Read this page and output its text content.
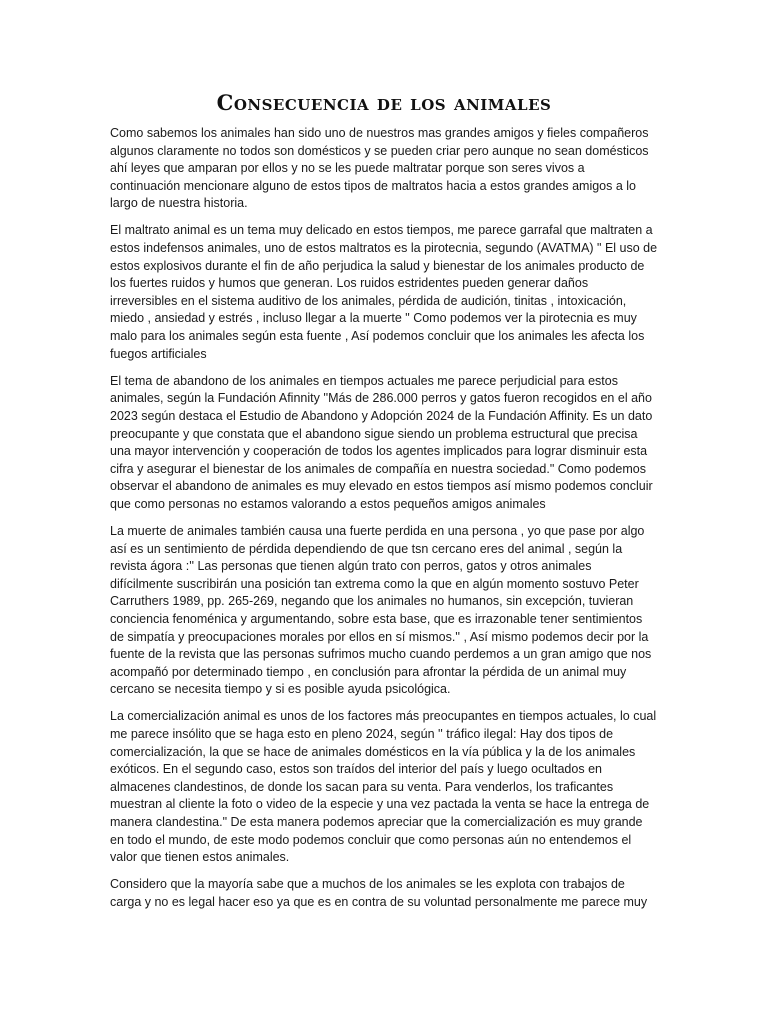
Consecuencia de los animales

Como sabemos los animales han sido uno de nuestros mas grandes amigos y fieles compañeros algunos claramente no todos son domésticos y se pueden criar pero aunque no sean domésticos ahí leyes que amparan por ellos y no se les puede maltratar porque son seres vivos a continuación mencionare alguno de estos tipos de maltratos hacia a estos grandes amigos a lo largo de nuestra historia.

El maltrato animal es un tema muy delicado en estos tiempos, me parece garrafal que maltraten a estos indefensos animales, uno de estos maltratos es la pirotecnia, segundo (AVATMA) " El uso de estos explosivos durante el fin de año perjudica la salud y bienestar de los animales producto de los fuertes ruidos y humos que generan. Los ruidos estridentes pueden generar daños irreversibles en el sistema auditivo de los animales, pérdida de audición, tinitas , intoxicación, miedo , ansiedad y estrés , incluso llegar a la muerte " Como podemos ver la pirotecnia es muy malo para los animales según esta fuente , Así podemos concluir que los animales les afecta los fuegos artificiales

El tema de abandono de los animales en tiempos actuales me parece perjudicial para estos animales, según la Fundación Afinnity ''Más de 286.000 perros y gatos fueron recogidos en el año 2023 según destaca el Estudio de Abandono y Adopción 2024 de la Fundación Affinity. Es un dato preocupante y que constata que el abandono sigue siendo un problema estructural que precisa una mayor intervención y cooperación de todos los agentes implicados para lograr disminuir esta cifra y asegurar el bienestar de los animales de compañía en nuestra sociedad." Como podemos observar el abandono de animales es muy elevado en estos tiempos así mismo podemos concluir que como personas no estamos valorando a estos pequeños amigos animales

La muerte de animales también causa una fuerte perdida en una persona , yo que pase por algo así es un sentimiento de pérdida dependiendo de que tsn cercano eres del animal , según la revista ágora :'' Las personas que tienen algún trato con perros, gatos y otros animales difícilmente suscribirán una posición tan extrema como la que en algún momento sostuvo Peter Carruthers 1989, pp. 265-269, negando que los animales no humanos, sin excepción, tuvieran conciencia fenoménica y argumentando, sobre esta base, que es irrazonable tener sentimientos de simpatía y preocupaciones morales por ellos en sí mismos.'' , Así mismo podemos decir por la fuente de la revista que las personas sufrimos mucho cuando perdemos a un gran amigo que nos acompañó por determinado tiempo , en conclusión para afrontar la pérdida de un animal muy cercano se necesita tiempo y si es posible ayuda psicológica.

La comercialización animal es unos de los factores más preocupantes en tiempos actuales, lo cual me parece insólito que se haga esto en pleno 2024, según '' tráfico ilegal: Hay dos tipos de comercialización, la que se hace de animales domésticos en la vía pública y la de los animales exóticos. En el segundo caso, estos son traídos del interior del país y luego ocultados en almacenes clandestinos, de donde los sacan para su venta. Para venderlos, los traficantes muestran al cliente la foto o video de la especie y una vez pactada la venta se hace la entrega de manera clandestina." De esta manera podemos apreciar que la comercialización es muy grande en todo el mundo, de este modo podemos concluir que como personas aún no entendemos el valor que tienen estos animales.

Considero que la mayoría sabe que a muchos de los animales se les explota con trabajos de carga y no es legal hacer eso ya que es en contra de su voluntad personalmente me parece muy
